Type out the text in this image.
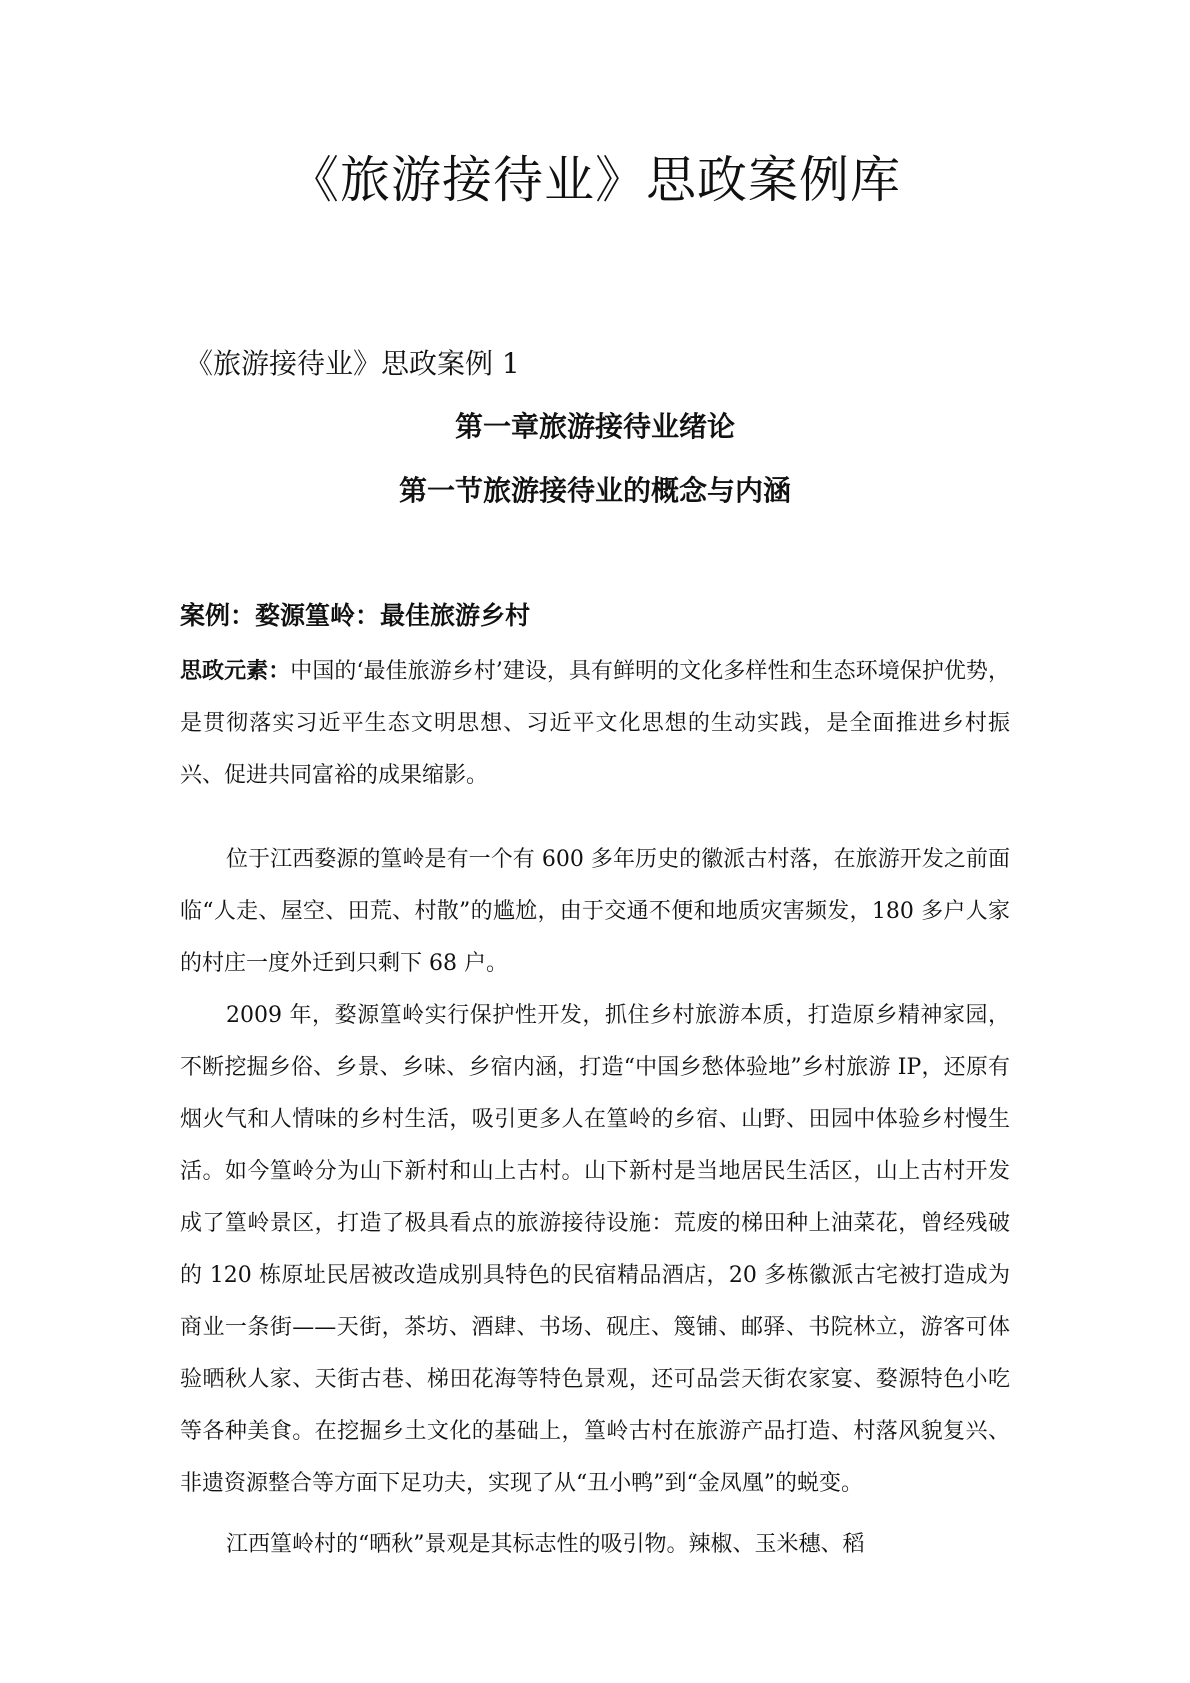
《旅游接待业》思政案例库
《旅游接待业》思政案例 1
第一章旅游接待业绪论
第一节旅游接待业的概念与内涵
案例：婺源篁岭：最佳旅游乡村

思政元素：中国的‘最佳旅游乡村’建设，具有鲜明的文化多样性和生态环境保护优势，是贯彻落实习近平生态文明思想、习近平文化思想的生动实践，是全面推进乡村振兴、促进共同富裕的成果缩影。

位于江西婺源的篁岭是有一个有 600 多年历史的徽派古村落，在旅游开发之前面临“人走、屋空、田荒、村散”的尴尬，由于交通不便和地质灾害频发，180 多户人家的村庄一度外迁到只剩下 68 户。

2009 年，婺源篁岭实行保护性开发，抓住乡村旅游本质，打造原乡精神家园，不断挖掘乡俗、乡景、乡味、乡宿内涵，打造“中国乡愁体验地”乡村旅游 IP，还原有烟火气和人情味的乡村生活，吸引更多人在篁岭的乡宿、山野、田园中体验乡村慢生活。如今篁岭分为山下新村和山上古村。山下新村是当地居民生活区，山上古村开发成了篁岭景区，打造了极具看点的旅游接待设施：荒废的梯田种上油菜花，曾经残破的 120 栋原址民居被改造成别具特色的民宿精品酒店，20 多栋徽派古宅被打造成为商业一条街——天街，茶坊、酒肆、书场、砚庄、篾铺、邮驿、书院林立，游客可体验晒秋人家、天街古巷、梯田花海等特色景观，还可品尝天街农家宴、婺源特色小吃等各种美食。在挖掘乡土文化的基础上，篁岭古村在旅游产品打造、村落风貌复兴、非遗资源整合等方面下足功夫，实现了从“丑小鸭”到“金凤凰”的蜕变。

江西篁岭村的“晒秋”景观是其标志性的吸引物。辣椒、玉米穗、稻
